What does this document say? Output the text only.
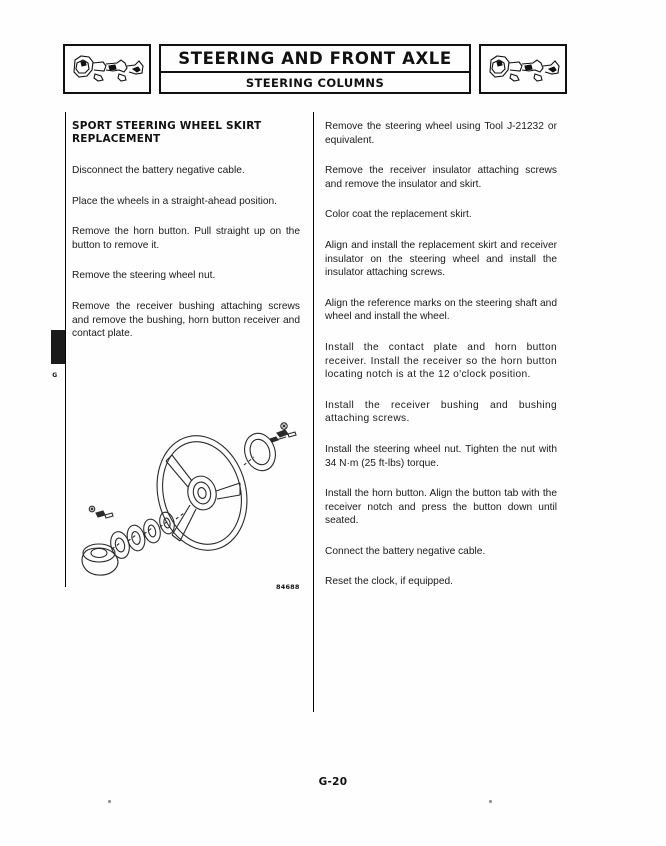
STEERING AND FRONT AXLE
STEERING COLUMNS
G
SPORT STEERING WHEEL SKIRT REPLACEMENT

Disconnect the battery negative cable.

Place the wheels in a straight-ahead position.

Remove the horn button. Pull straight up on the button to remove it.

Remove the steering wheel nut.

Remove the receiver bushing attaching screws and remove the bushing, horn button receiver and contact plate.

84688

Remove the steering wheel using Tool J-21232 or equivalent.

Remove the receiver insulator attaching screws and remove the insulator and skirt.

Color coat the replacement skirt.

Align and install the replacement skirt and receiver insulator on the steering wheel and install the insulator attaching screws.

Align the reference marks on the steering shaft and wheel and install the wheel.

Install the contact plate and horn button receiver. Install the receiver so the horn button locating notch is at the 12 o'clock position.

Install the receiver bushing and bushing attaching screws.

Install the steering wheel nut. Tighten the nut with 34 N·m (25 ft-lbs) torque.

Install the horn button. Align the button tab with the receiver notch and press the button down until seated.

Connect the battery negative cable.

Reset the clock, if equipped.

G-20
